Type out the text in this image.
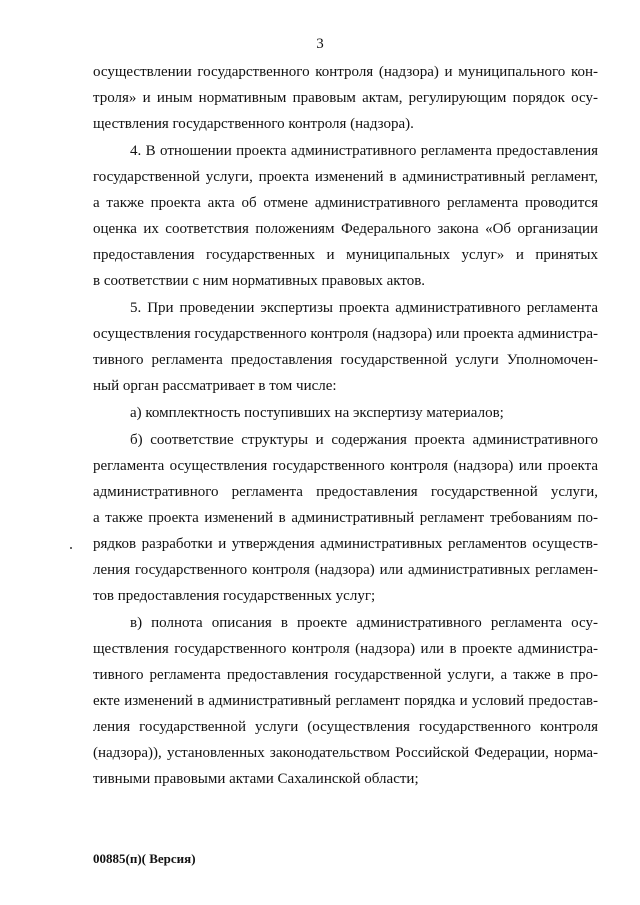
3
осуществлении государственного контроля (надзора) и муниципального кон-
троля» и иным нормативным правовым актам, регулирующим порядок осу-
ществления государственного контроля (надзора).
4. В отношении проекта административного регламента предоставления
государственной услуги, проекта изменений в административный регламент,
а также проекта акта об отмене административного регламента проводится
оценка их соответствия положениям Федерального закона «Об организации
предоставления государственных и муниципальных услуг» и принятых
в соответствии с ним нормативных правовых актов.
5. При проведении экспертизы проекта административного регламента
осуществления государственного контроля (надзора) или проекта администра-
тивного регламента предоставления государственной услуги Уполномочен-
ный орган рассматривает в том числе:
а) комплектность поступивших на экспертизу материалов;
б) соответствие структуры и содержания проекта административного
регламента осуществления государственного контроля (надзора) или проекта
административного регламента предоставления государственной услуги,
а также проекта изменений в административный регламент требованиям по-
рядков разработки и утверждения административных регламентов осуществ-
ления государственного контроля (надзора) или административных регламен-
тов предоставления государственных услуг;
в) полнота описания в проекте административного регламента осу-
ществления государственного контроля (надзора) или в проекте администра-
тивного регламента предоставления государственной услуги, а также в про-
екте изменений в административный регламент порядка и условий предостав-
ления государственной услуги (осуществления государственного контроля
(надзора)), установленных законодательством Российской Федерации, норма-
тивными правовыми актами Сахалинской области;
00885(п)( Версия)
